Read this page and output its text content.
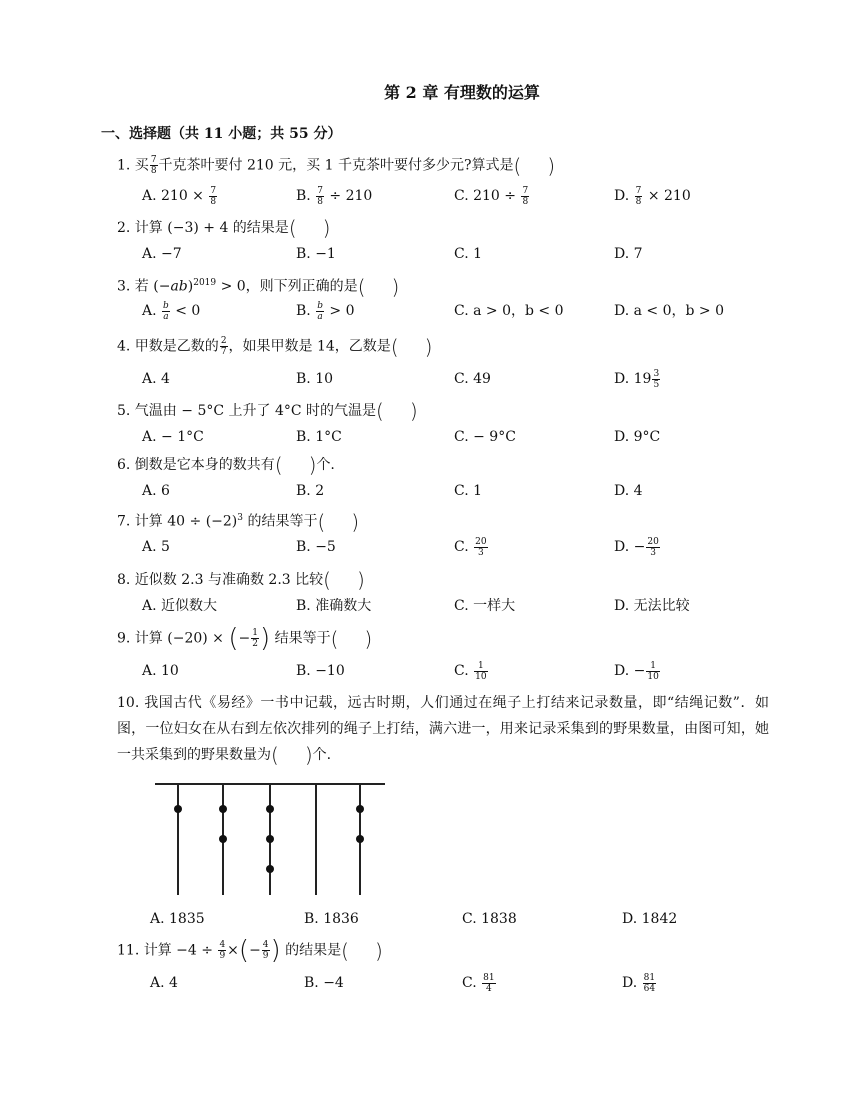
第 2 章 有理数的运算
一、选择题（共 11 小题；共 55 分）
1. 买 $\frac{7}{8}$ 千克茶叶要付 210 元，买 1 千克茶叶要付多少元?算式是( )
A. $210 \times \frac{7}{8}$	B. $\frac{7}{8} \div 210$	C. $210 \div \frac{7}{8}$	D. $\frac{7}{8} \times 210$
2. 计算 (−3) + 4 的结果是( )
A. −7	B. −1	C. 1	D. 7
3. 若 $(-ab)^{2019} > 0$，则下列正确的是( )
A. $\frac{b}{a} < 0$	B. $\frac{b}{a} > 0$	C. a > 0，b < 0	D. a < 0，b > 0
4. 甲数是乙数的 $\frac{2}{7}$ ，如果甲数是 14，乙数是( )
A. 4	B. 10	C. 49	D. $19 \frac{3}{5}$
5. 气温由 − 5°C 上升了 4°C 时的气温是( )
A. − 1°C	B. 1°C	C. − 9°C	D. 9°C
6. 倒数是它本身的数共有( )个.
A. 6	B. 2	C. 1	D. 4
7. 计算 $40 \div (-2)^3$ 的结果等于( )
A. 5	B. −5	C. $\frac{20}{3}$	D. − $\frac{20}{3}$
8. 近似数 2.3 与准确数 2.3 比较( )
A. 近似数大	B. 准确数大	C. 一样大	D. 无法比较
9. 计算 (−20) × (− $\frac{1}{2}$ ) 结果等于( )
A. 10	B. −10	C. $\frac{1}{10}$	D. − $\frac{1}{10}$
10. 我国古代《易经》一书中记载，远古时期，人们通过在绳子上打结来记录数量，即“结绳记数”．如图，一位妇女在从右到左依次排列的绳子上打结，满六进一，用来记录采集到的野果数量，由图可知，她一共采集到的野果数量为( )个.
A. 1835	B. 1836	C. 1838	D. 1842
11. 计算 $-4 \div \frac{4}{9}$ ×(− $\frac{4}{9}$ ) 的结果是( )
A. 4	B. −4	C. $\frac{81}{4}$	D. $\frac{81}{64}$
